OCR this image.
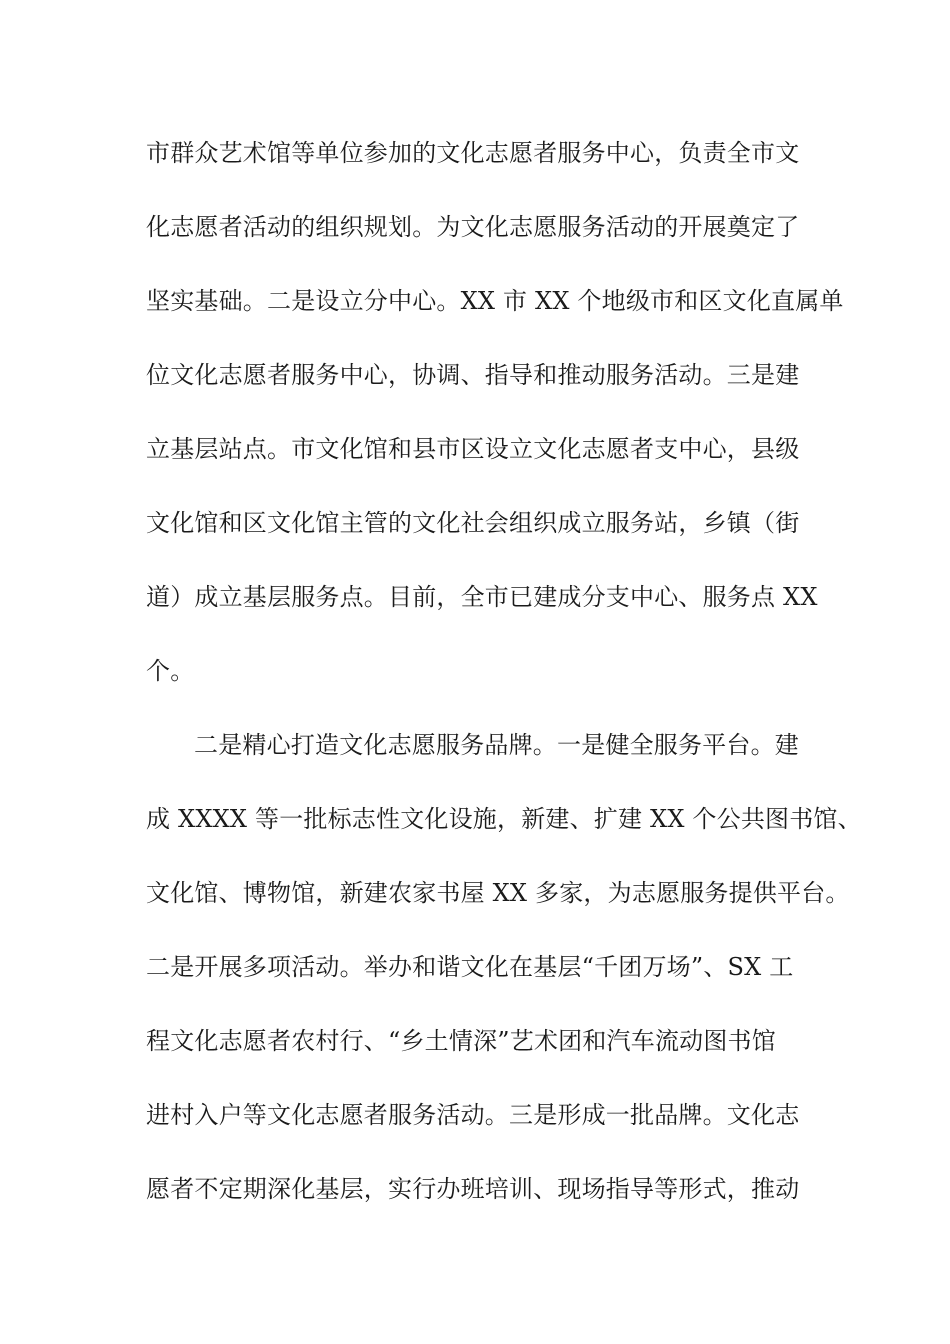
市群众艺术馆等单位参加的文化志愿者服务中心，负责全市文
化志愿者活动的组织规划。为文化志愿服务活动的开展奠定了
坚实基础。二是设立分中心。XX 市 XX 个地级市和区文化直属单
位文化志愿者服务中心，协调、指导和推动服务活动。三是建
立基层站点。市文化馆和县市区设立文化志愿者支中心，县级
文化馆和区文化馆主管的文化社会组织成立服务站，乡镇（街
道）成立基层服务点。目前，全市已建成分支中心、服务点 XX
个。
二是精心打造文化志愿服务品牌。一是健全服务平台。建
成 XXXX 等一批标志性文化设施，新建、扩建 XX 个公共图书馆、
文化馆、博物馆，新建农家书屋 XX 多家，为志愿服务提供平台。
二是开展多项活动。举办和谐文化在基层“千团万场”、SX 工
程文化志愿者农村行、“乡土情深”艺术团和汽车流动图书馆
进村入户等文化志愿者服务活动。三是形成一批品牌。文化志
愿者不定期深化基层，实行办班培训、现场指导等形式，推动
